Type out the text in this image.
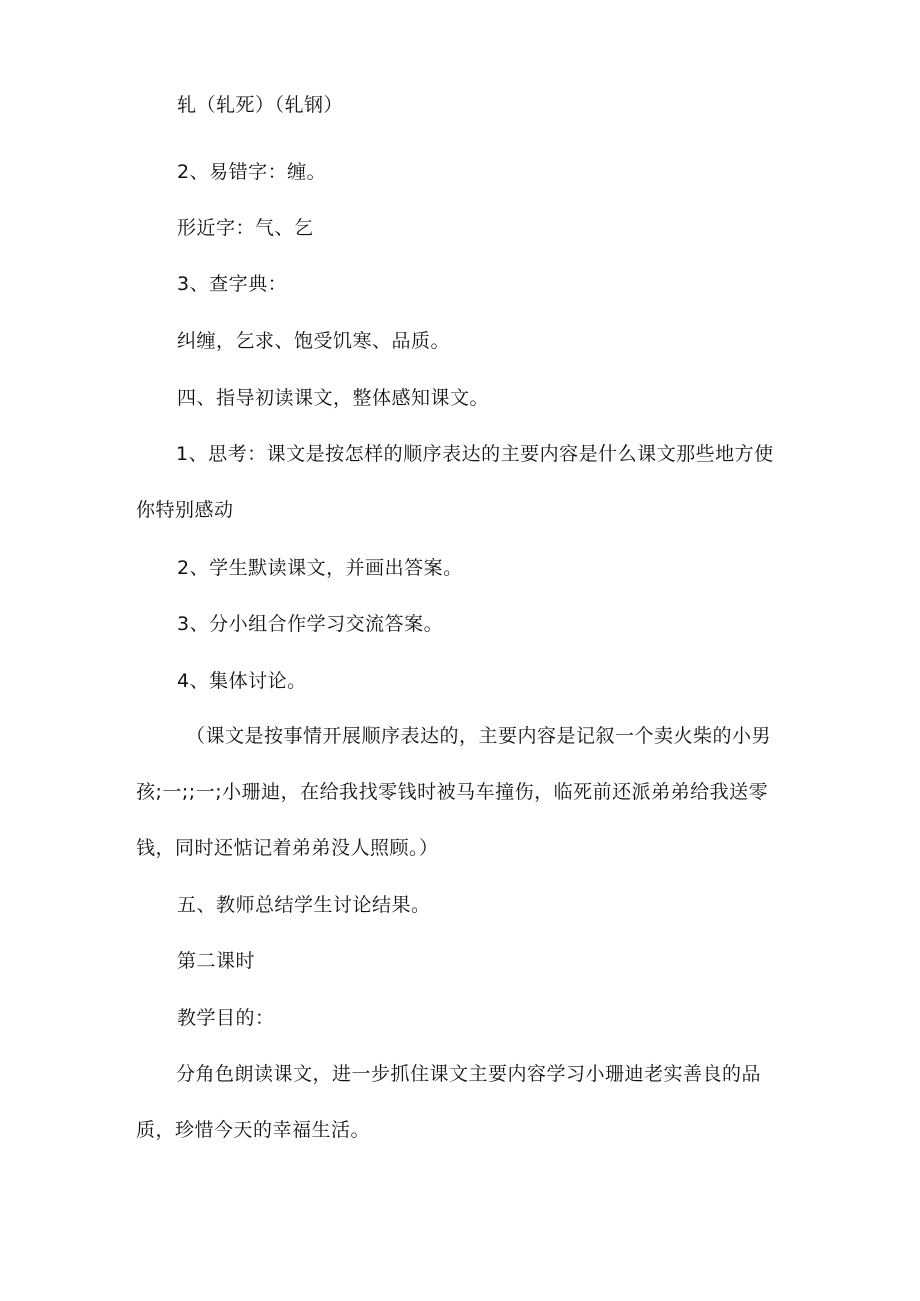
轧（轧死）（轧钢）
2、易错字：缠。
形近字：气、乞
3、查字典：
纠缠，乞求、饱受饥寒、品质。
四、指导初读课文，整体感知课文。
1、思考：课文是按怎样的顺序表达的主要内容是什么课文那些地方使你特别感动
2、学生默读课文，并画出答案。
3、分小组合作学习交流答案。
4、集体讨论。
（课文是按事情开展顺序表达的，主要内容是记叙一个卖火柴的小男孩;一;;一;小珊迪，在给我找零钱时被马车撞伤，临死前还派弟弟给我送零钱，同时还惦记着弟弟没人照顾。）
五、教师总结学生讨论结果。
第二课时
教学目的：
分角色朗读课文，进一步抓住课文主要内容学习小珊迪老实善良的品质，珍惜今天的幸福生活。
